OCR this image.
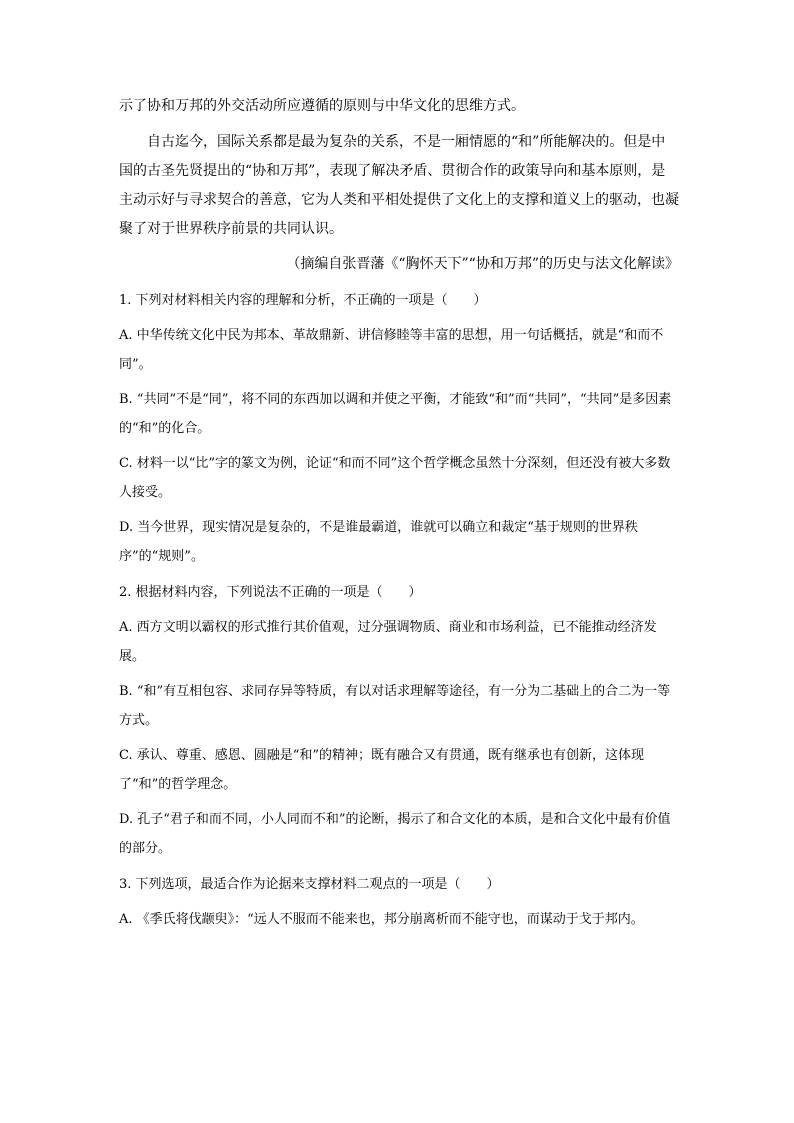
示了协和万邦的外交活动所应遵循的原则与中华文化的思维方式。

自古迄今，国际关系都是最为复杂的关系，不是一厢情愿的“和”所能解决的。但是中国的古圣先贤提出的“协和万邦”，表现了解决矛盾、贯彻合作的政策导向和基本原则，是主动示好与寻求契合的善意，它为人类和平相处提供了文化上的支撑和道义上的驱动，也凝聚了对于世界秩序前景的共同认识。

（摘编自张晋藩《“胸怀天下”“协和万邦”的历史与法文化解读》

1. 下列对材料相关内容的理解和分析，不正确的一项是（　　）

A. 中华传统文化中民为邦本、革故鼎新、讲信修睦等丰富的思想，用一句话概括，就是“和而不同”。

B. “共同”不是“同”，将不同的东西加以调和并使之平衡，才能致“和”而“共同”，“共同”是多因素的“和”的化合。

C. 材料一以“比”字的篆文为例，论证“和而不同”这个哲学概念虽然十分深刻，但还没有被大多数人接受。

D. 当今世界，现实情况是复杂的，不是谁最霸道，谁就可以确立和裁定“基于规则的世界秩序”的“规则”。

2. 根据材料内容，下列说法不正确的一项是（　　）

A. 西方文明以霸权的形式推行其价值观，过分强调物质、商业和市场利益，已不能推动经济发展。

B. “和”有互相包容、求同存异等特质，有以对话求理解等途径，有一分为二基础上的合二为一等方式。

C. 承认、尊重、感恩、圆融是“和”的精神；既有融合又有贯通，既有继承也有创新，这体现了“和”的哲学理念。

D. 孔子“君子和而不同，小人同而不和”的论断，揭示了和合文化的本质，是和合文化中最有价值的部分。

3. 下列选项，最适合作为论据来支撑材料二观点的一项是（　　）

A. 《季氏将伐颛臾》：“远人不服而不能来也，邦分崩离析而不能守也，而谋动于戈于邦内。
